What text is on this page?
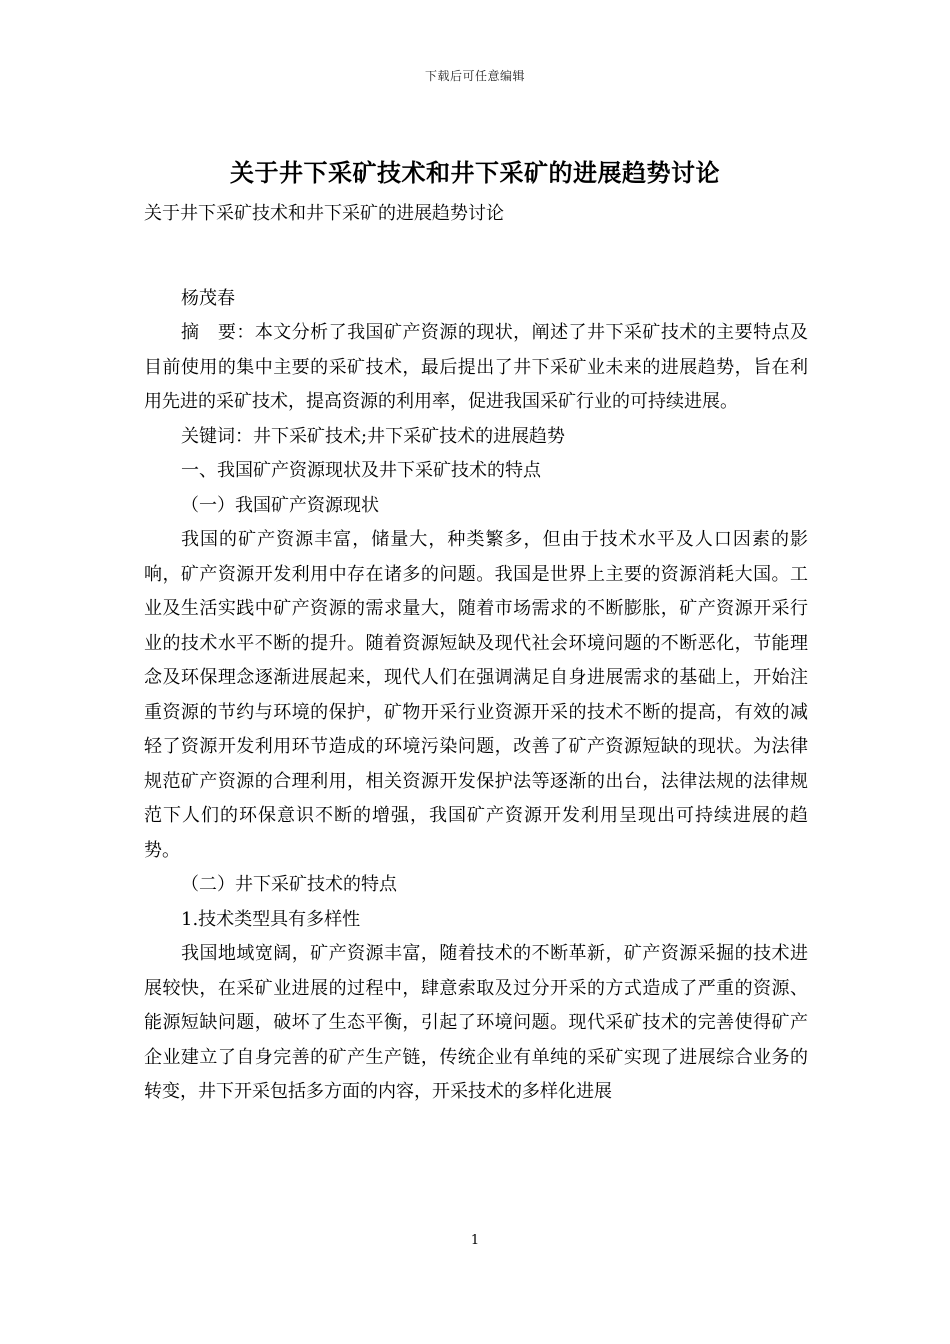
下载后可任意编辑
关于井下采矿技术和井下采矿的进展趋势讨论

关于井下采矿技术和井下采矿的进展趋势讨论

杨茂春

摘　要：本文分析了我国矿产资源的现状，阐述了井下采矿技术的主要特点及目前使用的集中主要的采矿技术，最后提出了井下采矿业未来的进展趋势，旨在利用先进的采矿技术，提高资源的利用率，促进我国采矿行业的可持续进展。

关键词：井下采矿技术;井下采矿技术的进展趋势

一、我国矿产资源现状及井下采矿技术的特点

（一）我国矿产资源现状

我国的矿产资源丰富，储量大，种类繁多，但由于技术水平及人口因素的影响，矿产资源开发利用中存在诸多的问题。我国是世界上主要的资源消耗大国。工业及生活实践中矿产资源的需求量大，随着市场需求的不断膨胀，矿产资源开采行业的技术水平不断的提升。随着资源短缺及现代社会环境问题的不断恶化，节能理念及环保理念逐渐进展起来，现代人们在强调满足自身进展需求的基础上，开始注重资源的节约与环境的保护，矿物开采行业资源开采的技术不断的提高，有效的减轻了资源开发利用环节造成的环境污染问题，改善了矿产资源短缺的现状。为法律规范矿产资源的合理利用，相关资源开发保护法等逐渐的出台，法律法规的法律规范下人们的环保意识不断的增强，我国矿产资源开发利用呈现出可持续进展的趋势。

（二）井下采矿技术的特点

1.技术类型具有多样性

我国地域宽阔，矿产资源丰富，随着技术的不断革新，矿产资源采掘的技术进展较快，在采矿业进展的过程中，肆意索取及过分开采的方式造成了严重的资源、能源短缺问题，破坏了生态平衡，引起了环境问题。现代采矿技术的完善使得矿产企业建立了自身完善的矿产生产链，传统企业有单纯的采矿实现了进展综合业务的转变，井下开采包括多方面的内容，开采技术的多样化进展

1
